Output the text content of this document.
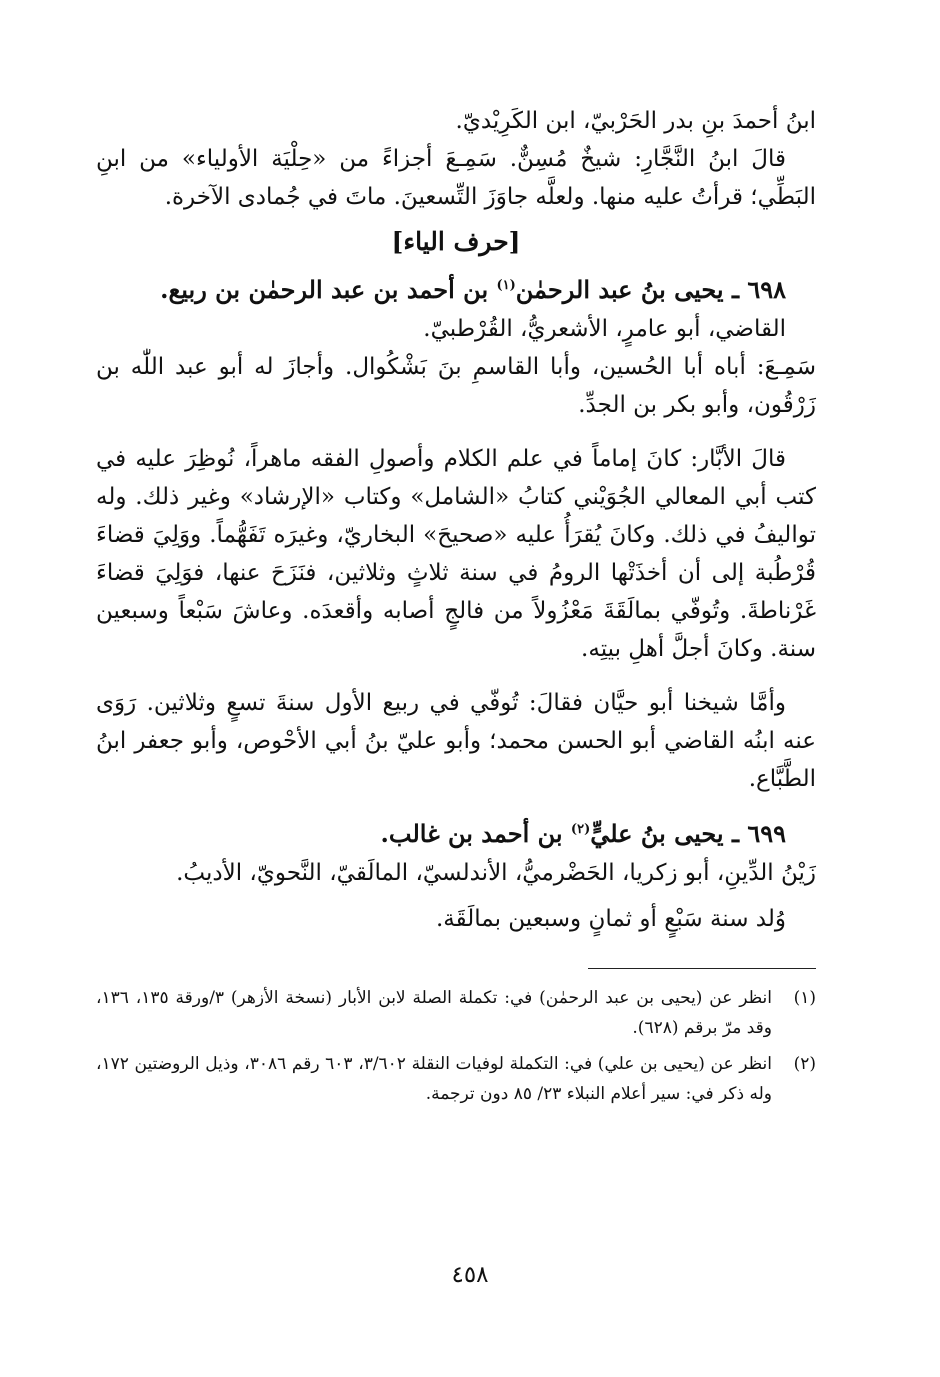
ابنُ أحمدَ بنِ بدر الحَرْبيّ، ابن الكَرِيْديّ.

قالَ ابنُ النَّجَّارِ: شيخٌ مُسِنٌّ. سَمِـعَ أجزاءً من «حِلْيَة الأولياء» من ابنِ البَطِّي؛ قرأتُ عليه منها. ولعلَّه جاوَزَ التِّسعينَ. ماتَ في جُمادى الآخرة.

[حرف الياء]

٦٩٨ ـ يحيى بنُ عبد الرحمٰن$^{(١)}$ بن أحمد بن عبد الرحمٰن بن ربيع.

القاضي، أبو عامرٍ، الأشعريُّ، القُرْطبيّ.

سَمِـعَ: أباه أبا الحُسين، وأبا القاسمِ بنَ بَشْكُوال. وأجازَ له أبو عبد اللّٰه بن زَرْقُون، وأبو بكر بن الجدِّ.

قالَ الأبَّار: كانَ إماماً في علم الكلام وأصولِ الفقه ماهراً، نُوظِرَ عليه في كتب أبي المعالي الجُوَيْني كتابُ «الشامل» وكتاب «الإرشاد» وغير ذلك. وله تواليفُ في ذلك. وكانَ يُقرَأُ عليه «صحيحَ» البخاريّ، وغيرَه تَفَهُّماً. ووَلِيَ قضاءَ قُرْطُبة إلى أن أخذَتْها الرومُ في سنة ثلاثٍ وثلاثين، فنَزَحَ عنها، فوَلِيَ قضاءَ غَرْناطةَ. وتُوفّي بمالَقَةَ مَعْزُولاً من فالجٍ أصابه وأقعدَه. وعاشَ سَبْعاً وسبعين سنة. وكانَ أجلَّ أهلِ بيتِه.

وأمَّا شيخنا أبو حيَّان فقالَ: تُوفّي في ربيع الأول سنةَ تسعٍ وثلاثين. رَوَى عنه ابنُه القاضي أبو الحسن محمد؛ وأبو عليّ بنُ أبي الأحْوص، وأبو جعفر ابنُ الطَّبَّاع.

٦٩٩ ـ يحيى بنُ عليٍّ$^{(٢)}$ بن أحمد بن غالب.

زَيْنُ الدِّينِ، أبو زكريا، الحَضْرميُّ، الأندلسيّ، المالَقيّ، النَّحويّ، الأديبُ.

وُلد سنة سَبْعٍ أو ثمانٍ وسبعين بمالَقَة.

(١)
انظر عن (يحيى بن عبد الرحمٰن) في: تكملة الصلة لابن الأبار (نسخة الأزهر) ٣/ورقة ١٣٥، ١٣٦، وقد مرّ برقم (٦٢٨).
(٢)
انظر عن (يحيى بن علي) في: التكملة لوفيات النقلة ٣/٦٠٢، ٦٠٣ رقم ٣٠٨٦، وذيل الروضتين ١٧٢، وله ذكر في: سير أعلام النبلاء ٢٣/ ٨٥ دون ترجمة.
٤٥٨
